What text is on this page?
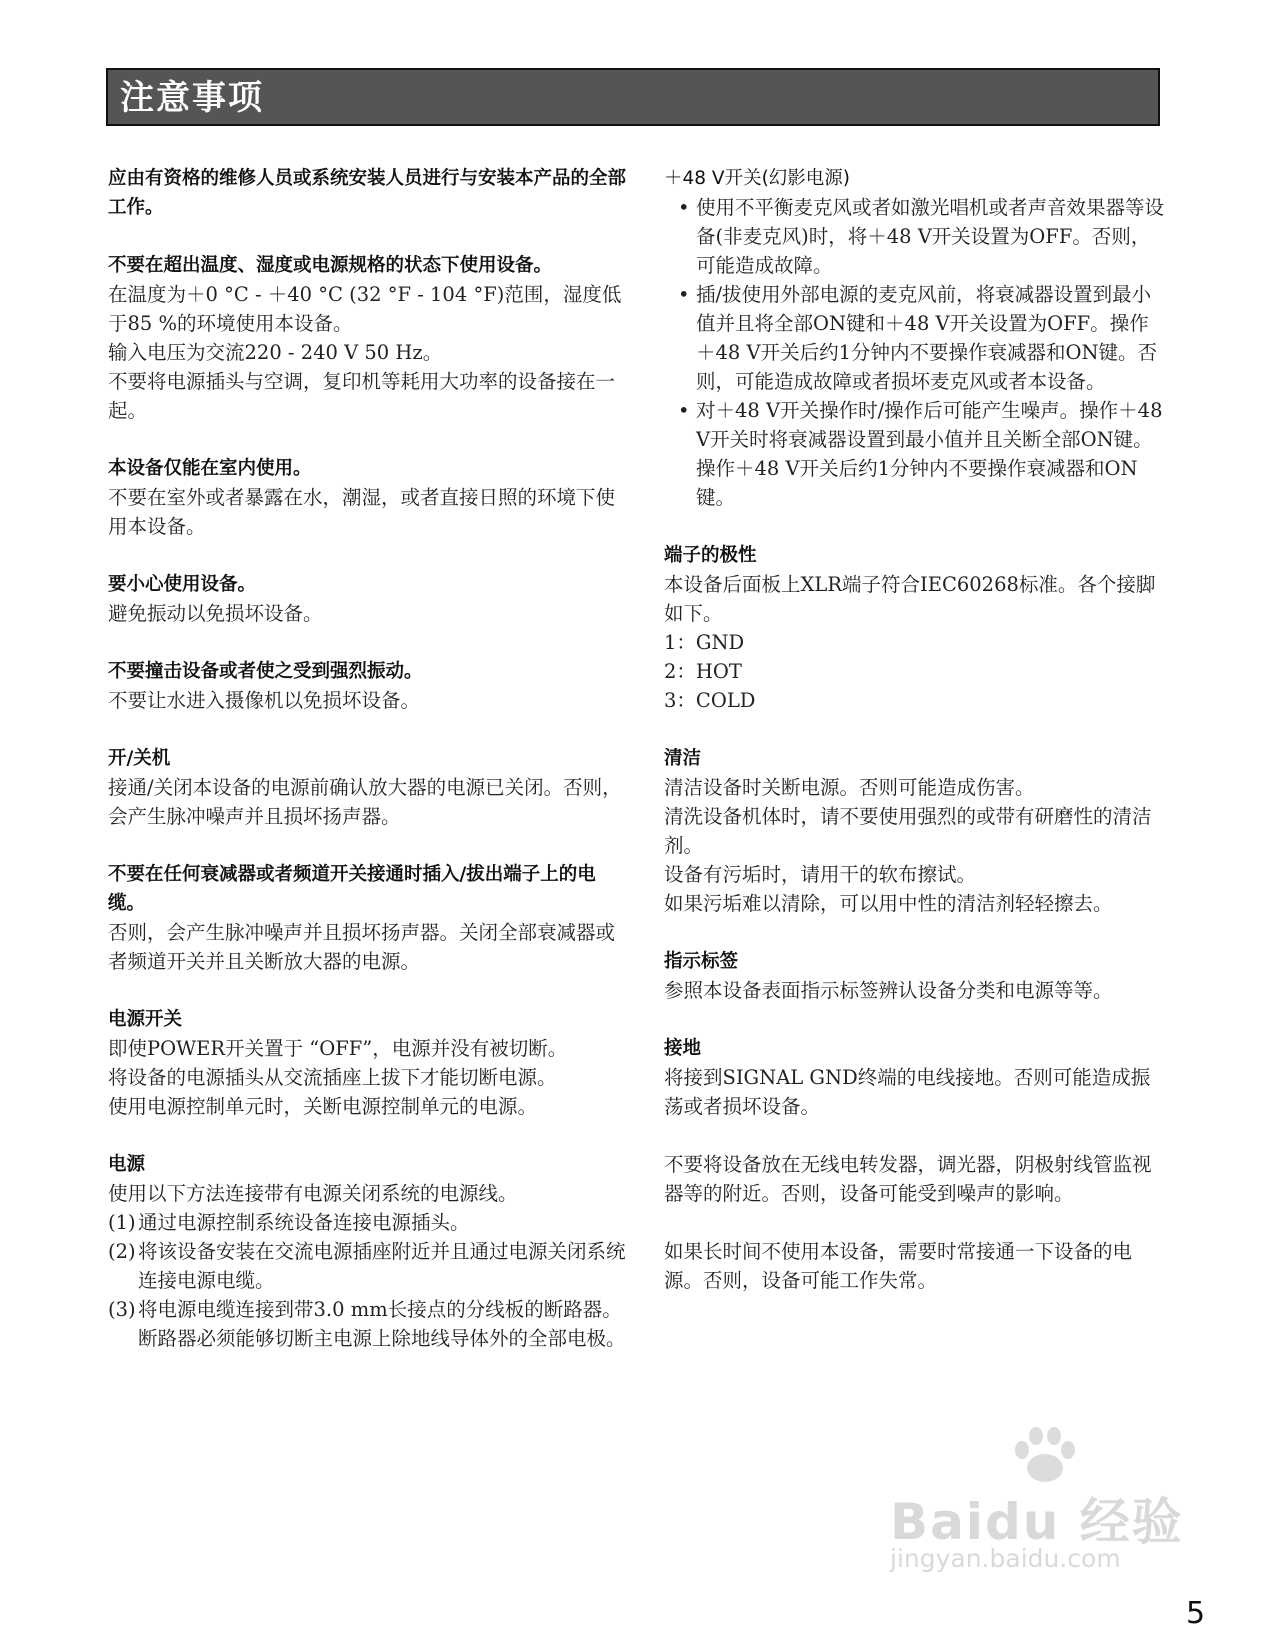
注意事项
应由有资格的维修人员或系统安装人员进行与安装本产品的全部工作。
不要在超出温度、湿度或电源规格的状态下使用设备。

在温度为＋0 °C - ＋40 °C (32 °F - 104 °F)范围，湿度低于85 %的环境使用本设备。

输入电压为交流220 - 240 V 50 Hz。

不要将电源插头与空调，复印机等耗用大功率的设备接在一起。

本设备仅能在室内使用。

不要在室外或者暴露在水，潮湿，或者直接日照的环境下使用本设备。

要小心使用设备。

避免振动以免损坏设备。

不要撞击设备或者使之受到强烈振动。

不要让水进入摄像机以免损坏设备。

开/关机

接通/关闭本设备的电源前确认放大器的电源已关闭。否则，会产生脉冲噪声并且损坏扬声器。

不要在任何衰减器或者频道开关接通时插入/拔出端子上的电缆。

否则，会产生脉冲噪声并且损坏扬声器。关闭全部衰减器或者频道开关并且关断放大器的电源。

电源开关

即使POWER开关置于 “OFF”，电源并没有被切断。

将设备的电源插头从交流插座上拔下才能切断电源。

使用电源控制单元时，关断电源控制单元的电源。

电源

使用以下方法连接带有电源关闭系统的电源线。

(1) 通过电源控制系统设备连接电源插头。
(2) 将该设备安装在交流电源插座附近并且通过电源关闭系统连接电源电缆。
(3) 将电源电缆连接到带3.0 mm长接点的分线板的断路器。断路器必须能够切断主电源上除地线导体外的全部电极。
＋48 V开关(幻影电源)
• 使用不平衡麦克风或者如激光唱机或者声音效果器等设备(非麦克风)时，将＋48 V开关设置为OFF。否则，可能造成故障。
• 插/拔使用外部电源的麦克风前，将衰减器设置到最小值并且将全部ON键和＋48 V开关设置为OFF。操作＋48 V开关后约1分钟内不要操作衰减器和ON键。否则，可能造成故障或者损坏麦克风或者本设备。
• 对＋48 V开关操作时/操作后可能产生噪声。操作＋48 V开关时将衰减器设置到最小值并且关断全部ON键。操作＋48 V开关后约1分钟内不要操作衰减器和ON键。
端子的极性

本设备后面板上XLR端子符合IEC60268标准。各个接脚如下。

1：GND
2：HOT
3：COLD
清洁

清洁设备时关断电源。否则可能造成伤害。

清洗设备机体时，请不要使用强烈的或带有研磨性的清洁剂。

设备有污垢时，请用干的软布擦试。

如果污垢难以清除，可以用中性的清洁剂轻轻擦去。

指示标签

参照本设备表面指示标签辨认设备分类和电源等等。

接地

将接到SIGNAL GND终端的电线接地。否则可能造成振荡或者损坏设备。

不要将设备放在无线电转发器，调光器，阴极射线管监视器等的附近。否则，设备可能受到噪声的影响。

如果长时间不使用本设备，需要时常接通一下设备的电源。否则，设备可能工作失常。

Baidu 经验
jingyan.baidu.com
5
